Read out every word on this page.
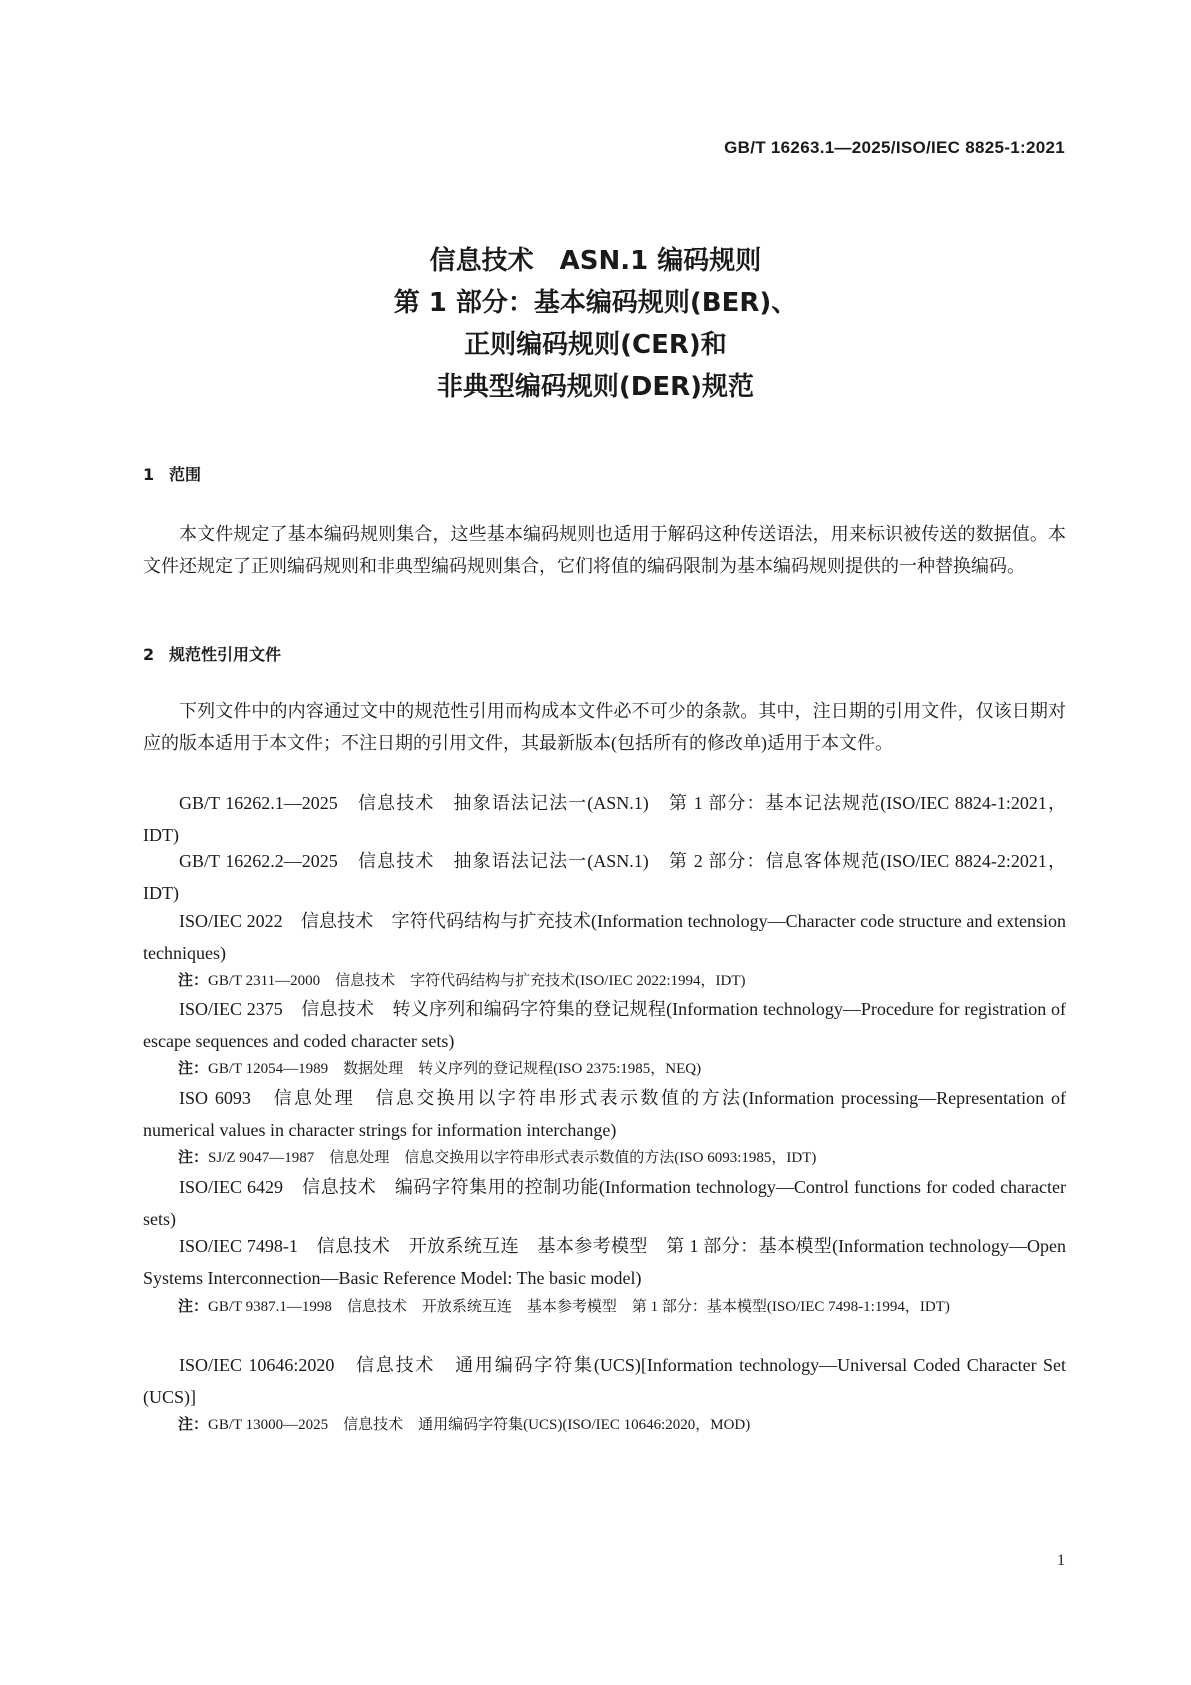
GB/T 16263.1—2025/ISO/IEC 8825-1:2021
信息技术　ASN.1 编码规则
第 1 部分：基本编码规则(BER)、
正则编码规则(CER)和
非典型编码规则(DER)规范
1 范围
本文件规定了基本编码规则集合，这些基本编码规则也适用于解码这种传送语法，用来标识被传送的数据值。本文件还规定了正则编码规则和非典型编码规则集合，它们将值的编码限制为基本编码规则提供的一种替换编码。
2 规范性引用文件
下列文件中的内容通过文中的规范性引用而构成本文件必不可少的条款。其中，注日期的引用文件，仅该日期对应的版本适用于本文件；不注日期的引用文件，其最新版本(包括所有的修改单)适用于本文件。
GB/T 16262.1—2025　信息技术　抽象语法记法一(ASN.1)　第 1 部分：基本记法规范(ISO/IEC 8824-1:2021，IDT)
GB/T 16262.2—2025　信息技术　抽象语法记法一(ASN.1)　第 2 部分：信息客体规范(ISO/IEC 8824-2:2021，IDT)
ISO/IEC 2022　信息技术　字符代码结构与扩充技术(Information technology—Character code structure and extension techniques)
注：GB/T 2311—2000　信息技术　字符代码结构与扩充技术(ISO/IEC 2022:1994，IDT)
ISO/IEC 2375　信息技术　转义序列和编码字符集的登记规程(Information technology—Procedure for registration of escape sequences and coded character sets)
注：GB/T 12054—1989　数据处理　转义序列的登记规程(ISO 2375:1985，NEQ)
ISO 6093　信息处理　信息交换用以字符串形式表示数值的方法(Information processing—Representation of numerical values in character strings for information interchange)
注：SJ/Z 9047—1987　信息处理　信息交换用以字符串形式表示数值的方法(ISO 6093:1985，IDT)
ISO/IEC 6429　信息技术　编码字符集用的控制功能(Information technology—Control functions for coded character sets)
ISO/IEC 7498-1　信息技术　开放系统互连　基本参考模型　第 1 部分：基本模型(Information technology—Open Systems Interconnection—Basic Reference Model: The basic model)
注：GB/T 9387.1—1998　信息技术　开放系统互连　基本参考模型　第 1 部分：基本模型(ISO/IEC 7498-1:1994，IDT)
ISO/IEC 10646:2020　信息技术　通用编码字符集(UCS)[Information technology—Universal Coded Character Set (UCS)]
注：GB/T 13000—2025　信息技术　通用编码字符集(UCS)(ISO/IEC 10646:2020，MOD)
1
